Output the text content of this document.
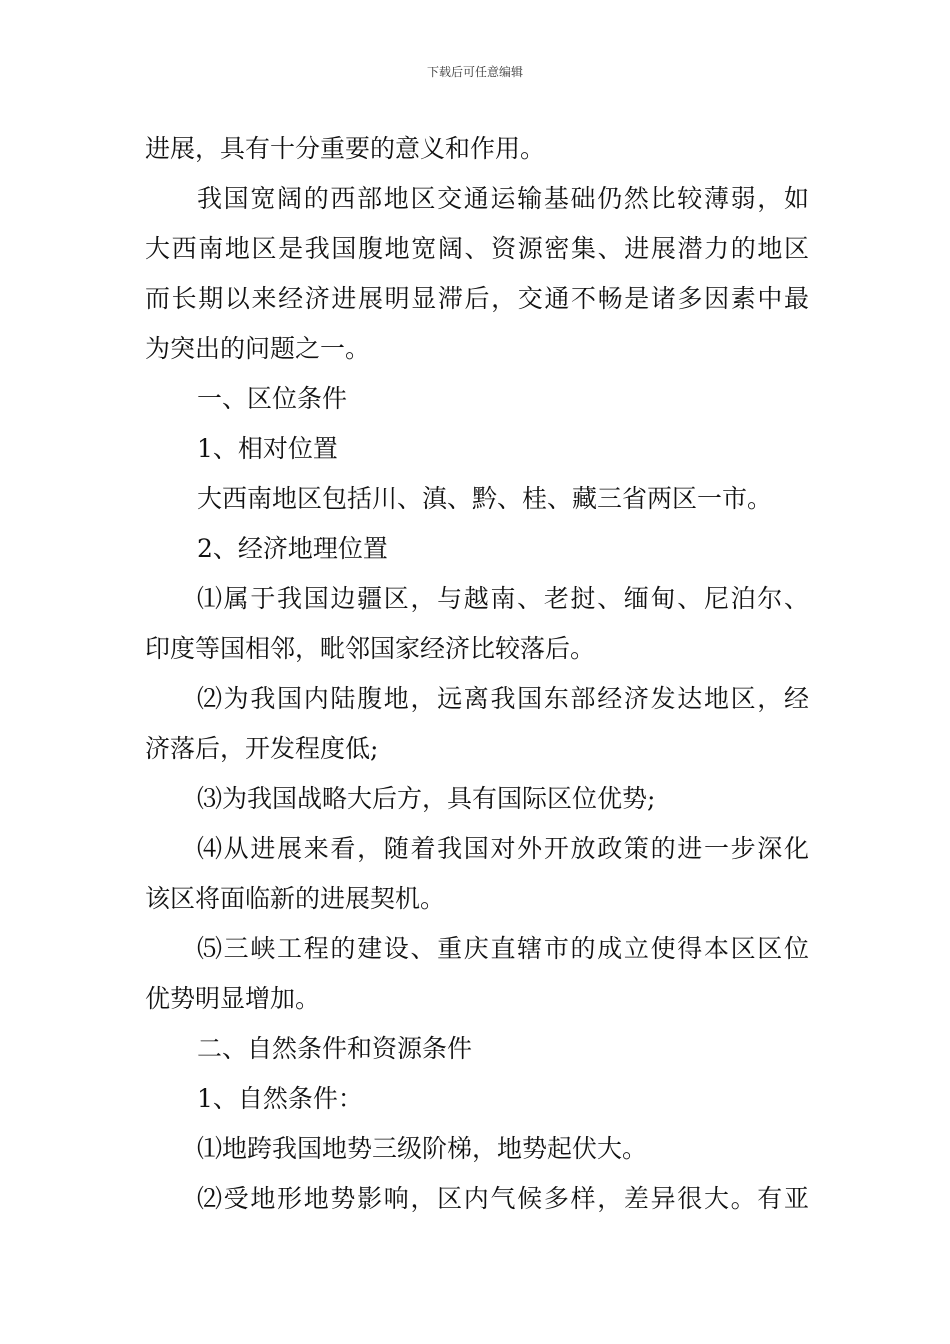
下载后可任意编辑
进展，具有十分重要的意义和作用。
我国宽阔的西部地区交通运输基础仍然比较薄弱，如
大西南地区是我国腹地宽阔、资源密集、进展潜力的地区
而长期以来经济进展明显滞后，交通不畅是诸多因素中最
为突出的问题之一。
一、区位条件
1、相对位置
大西南地区包括川、滇、黔、桂、藏三省两区一市。
2、经济地理位置
⑴属于我国边疆区，与越南、老挝、缅甸、尼泊尔、
印度等国相邻，毗邻国家经济比较落后。
⑵为我国内陆腹地，远离我国东部经济发达地区，经
济落后，开发程度低;
⑶为我国战略大后方，具有国际区位优势;
⑷从进展来看，随着我国对外开放政策的进一步深化
该区将面临新的进展契机。
⑸三峡工程的建设、重庆直辖市的成立使得本区区位
优势明显增加。
二、自然条件和资源条件
1、自然条件：
⑴地跨我国地势三级阶梯，地势起伏大。
⑵受地形地势影响，区内气候多样，差异很大。有亚
